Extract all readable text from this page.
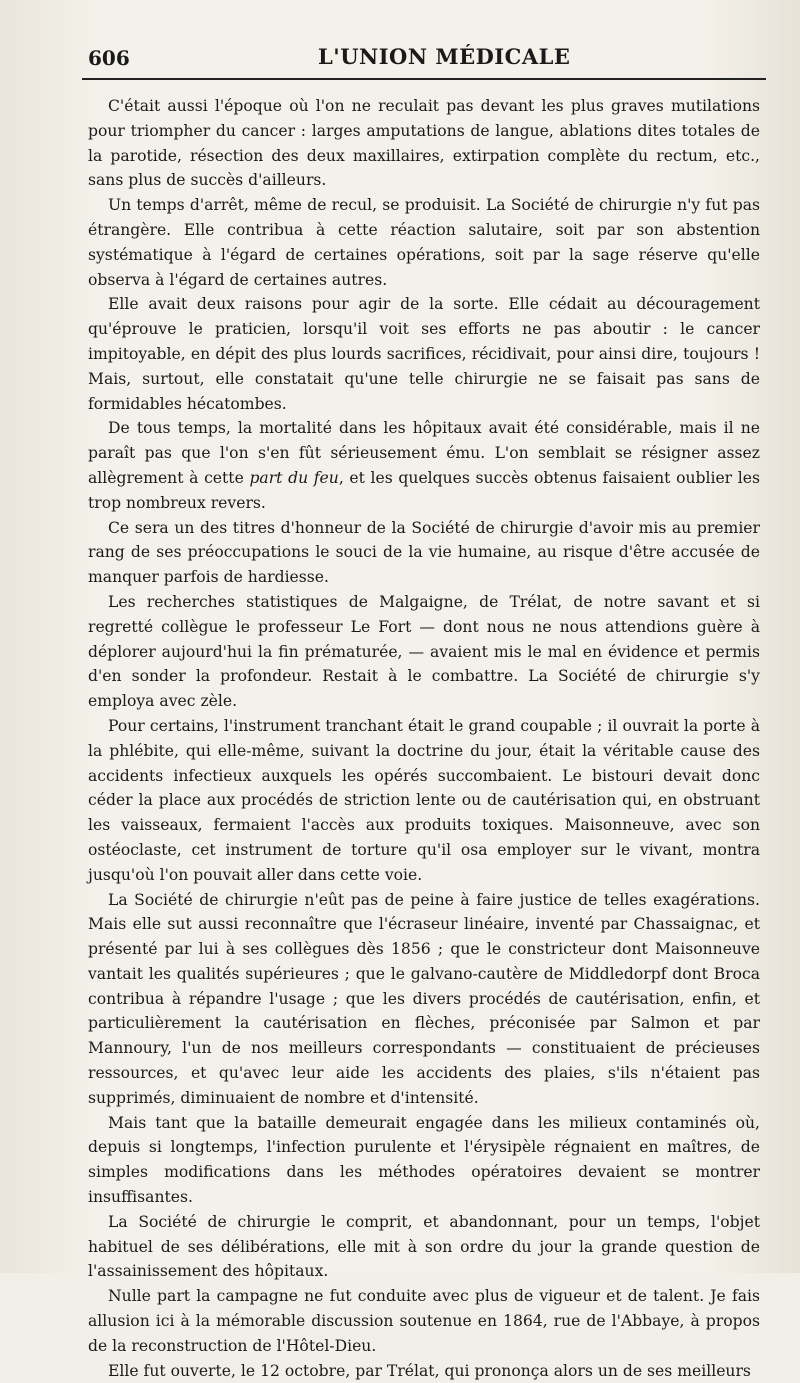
606	L'UNION MÉDICALE

C'était aussi l'époque où l'on ne reculait pas devant les plus graves mutilations pour triompher du cancer : larges amputations de langue, ablations dites totales de la parotide, résection des deux maxillaires, extirpation complète du rectum, etc., sans plus de succès d'ailleurs.

Un temps d'arrêt, même de recul, se produisit. La Société de chirurgie n'y fut pas étrangère. Elle contribua à cette réaction salutaire, soit par son abstention systématique à l'égard de certaines opérations, soit par la sage réserve qu'elle observa à l'égard de certaines autres.

Elle avait deux raisons pour agir de la sorte. Elle cédait au découragement qu'éprouve le praticien, lorsqu'il voit ses efforts ne pas aboutir : le cancer impitoyable, en dépit des plus lourds sacrifices, récidivait, pour ainsi dire, toujours ! Mais, surtout, elle constatait qu'une telle chirurgie ne se faisait pas sans de formidables hécatombes.

De tous temps, la mortalité dans les hôpitaux avait été considérable, mais il ne paraît pas que l'on s'en fût sérieusement ému. L'on semblait se résigner assez allègrement à cette part du feu, et les quelques succès obtenus faisaient oublier les trop nombreux revers.

Ce sera un des titres d'honneur de la Société de chirurgie d'avoir mis au premier rang de ses préoccupations le souci de la vie humaine, au risque d'être accusée de manquer parfois de hardiesse.

Les recherches statistiques de Malgaigne, de Trélat, de notre savant et si regretté collègue le professeur Le Fort — dont nous ne nous attendions guère à déplorer aujourd'hui la fin prématurée, — avaient mis le mal en évidence et permis d'en sonder la profondeur. Restait à le combattre. La Société de chirurgie s'y employa avec zèle.

Pour certains, l'instrument tranchant était le grand coupable ; il ouvrait la porte à la phlébite, qui elle-même, suivant la doctrine du jour, était la véritable cause des accidents infectieux auxquels les opérés succombaient. Le bistouri devait donc céder la place aux procédés de striction lente ou de cautérisation qui, en obstruant les vaisseaux, fermaient l'accès aux produits toxiques. Maisonneuve, avec son ostéoclaste, cet instrument de torture qu'il osa employer sur le vivant, montra jusqu'où l'on pouvait aller dans cette voie.

La Société de chirurgie n'eût pas de peine à faire justice de telles exagérations. Mais elle sut aussi reconnaître que l'écraseur linéaire, inventé par Chassaignac, et présenté par lui à ses collègues dès 1856 ; que le constricteur dont Maisonneuve vantait les qualités supérieures ; que le galvano-cautère de Middledorpf dont Broca contribua à répandre l'usage ; que les divers procédés de cautérisation, enfin, et particulièrement la cautérisation en flèches, préconisée par Salmon et par Mannoury, l'un de nos meilleurs correspondants — constituaient de précieuses ressources, et qu'avec leur aide les accidents des plaies, s'ils n'étaient pas supprimés, diminuaient de nombre et d'intensité.

Mais tant que la bataille demeurait engagée dans les milieux contaminés où, depuis si longtemps, l'infection purulente et l'érysipèle régnaient en maîtres, de simples modifications dans les méthodes opératoires devaient se montrer insuffisantes.

La Société de chirurgie le comprit, et abandonnant, pour un temps, l'objet habituel de ses délibérations, elle mit à son ordre du jour la grande question de l'assainissement des hôpitaux.

Nulle part la campagne ne fut conduite avec plus de vigueur et de talent. Je fais allusion ici à la mémorable discussion soutenue en 1864, rue de l'Abbaye, à propos de la reconstruction de l'Hôtel-Dieu.

Elle fut ouverte, le 12 octobre, par Trélat, qui prononça alors un de ses meilleurs
